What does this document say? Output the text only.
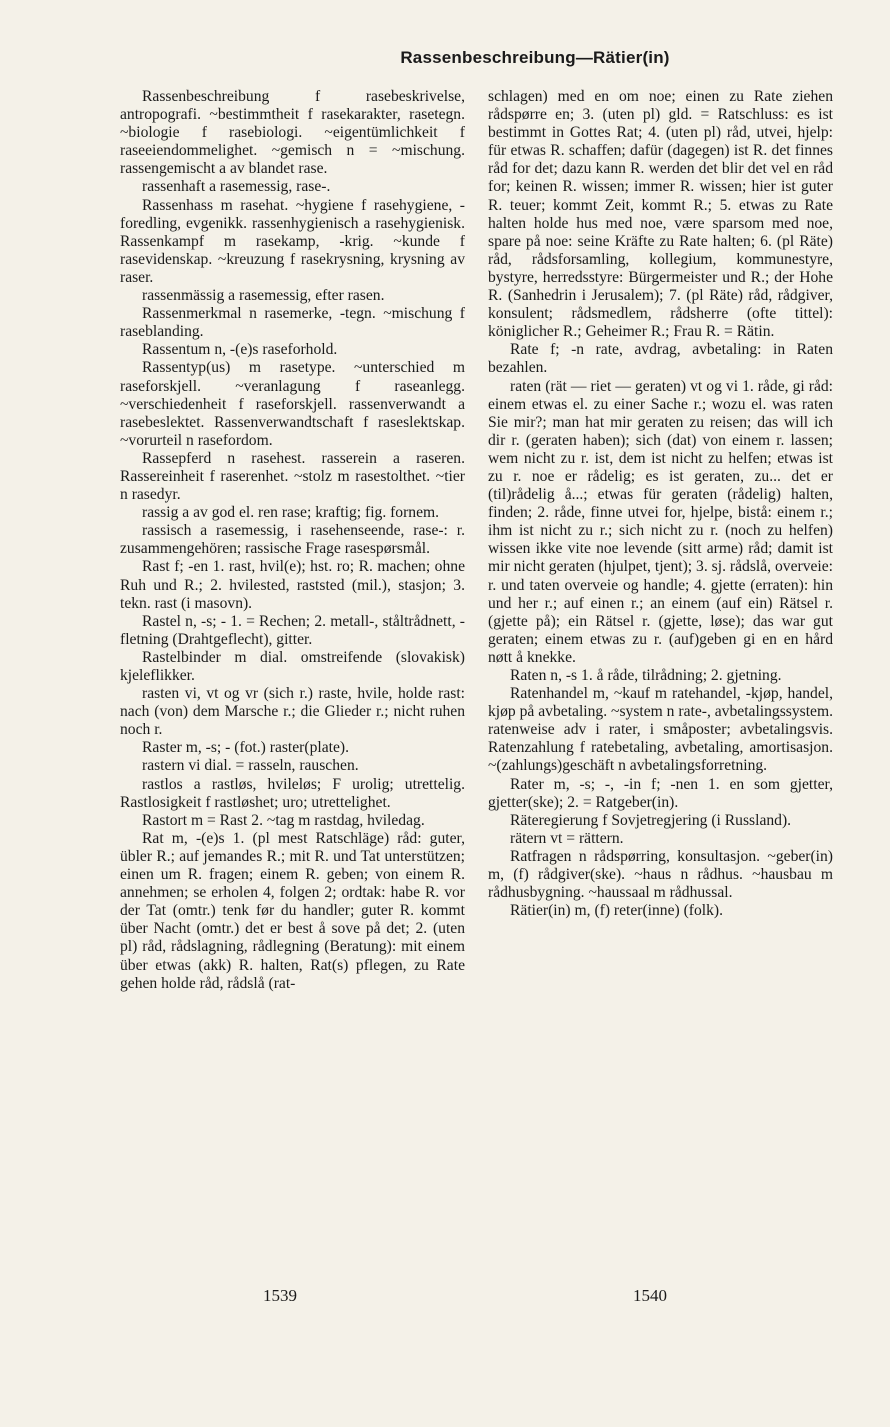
Rassenbeschreibung—Rätier(in)
Rassenbeschreibung f rasebeskrivelse, antropografi. ~bestimmtheit f rasekarakter, rasetegn. ~biologie f rasebiologi. ~eigentümlichkeit f raseeiendommelighet. ~gemisch n = ~mischung. rassengemischt a av blandet rase.
rassenhaft a rasemessig, rase-.
Rassenhass m rasehat. ~hygiene f rasehygiene, -foredling, evgenikk. rassenhygienisch a rasehygienisk. Rassenkampf m rasekamp, -krig. ~kunde f rasevidenskap. ~kreuzung f rasekrysning, krysning av raser.
rassenmässig a rasemessig, efter rasen.
Rassenmerkmal n rasemerke, -tegn. ~mischung f raseblanding.
Rassentum n, -(e)s raseforhold.
Rassentyp(us) m rasetype. ~unterschied m raseforskjell. ~veranlagung f raseanlegg. ~verschiedenheit f raseforskjell. rassenverwandt a rasebeslektet. Rassenverwandtschaft f raseslektskap. ~vorurteil n rasefordom.
Rassepferd n rasehest. rasserein a raseren. Rassereinheit f raserenhet. ~stolz m rasestolthet. ~tier n rasedyr.
rassig a av god el. ren rase; kraftig; fig. fornem.
rassisch a rasemessig, i rasehenseende, rase-: r. zusammengehören; rassische Frage rasespørsmål.
Rast f; -en 1. rast, hvil(e); hst. ro; R. machen; ohne Ruh und R.; 2. hvilested, raststed (mil.), stasjon; 3. tekn. rast (i masovn).
Rastel n, -s; - 1. = Rechen; 2. metall-, ståltrådnett, -fletning (Drahtgeflecht), gitter.
Rastelbinder m dial. omstreifende (slovakisk) kjeleflikker.
rasten vi, vt og vr (sich r.) raste, hvile, holde rast: nach (von) dem Marsche r.; die Glieder r.; nicht ruhen noch r.
Raster m, -s; - (fot.) raster(plate).
rastern vi dial. = rasseln, rauschen.
rastlos a rastløs, hvileløs; F urolig; utrettelig. Rastlosigkeit f rastløshet; uro; utrettelighet.
Rastort m = Rast 2. ~tag m rastdag, hviledag.
Rat m, -(e)s 1. (pl mest Ratschläge) råd: guter, übler R.; auf jemandes R.; mit R. und Tat unterstützen; einen um R. fragen; einem R. geben; von einem R. annehmen; se erholen 4, folgen 2; ordtak: habe R. vor der Tat (omtr.) tenk før du handler; guter R. kommt über Nacht (omtr.) det er best å sove på det; 2. (uten pl) råd, rådslagning, rådlegning (Beratung): mit einem über etwas (akk) R. halten, Rat(s) pflegen, zu Rate gehen holde råd, rådslå (rat-
schlagen) med en om noe; einen zu Rate ziehen rådspørre en; 3. (uten pl) gld. = Ratschluss: es ist bestimmt in Gottes Rat; 4. (uten pl) råd, utvei, hjelp: für etwas R. schaffen; dafür (dagegen) ist R. det finnes råd for det; dazu kann R. werden det blir det vel en råd for; keinen R. wissen; immer R. wissen; hier ist guter R. teuer; kommt Zeit, kommt R.; 5. etwas zu Rate halten holde hus med noe, være sparsom med noe, spare på noe: seine Kräfte zu Rate halten; 6. (pl Räte) råd, rådsforsamling, kollegium, kommunestyre, bystyre, herredsstyre: Bürgermeister und R.; der Hohe R. (Sanhedrin i Jerusalem); 7. (pl Räte) råd, rådgiver, konsulent; rådsmedlem, rådsherre (ofte tittel): königlicher R.; Geheimer R.; Frau R. = Rätin.
Rate f; -n rate, avdrag, avbetaling: in Raten bezahlen.
raten (rät — riet — geraten) vt og vi 1. råde, gi råd: einem etwas el. zu einer Sache r.; wozu el. was raten Sie mir?; man hat mir geraten zu reisen; das will ich dir r. (geraten haben); sich (dat) von einem r. lassen; wem nicht zu r. ist, dem ist nicht zu helfen; etwas ist zu r. noe er rådelig; es ist geraten, zu... det er (til)rådelig å...; etwas für geraten (rådelig) halten, finden; 2. råde, finne utvei for, hjelpe, bistå: einem r.; ihm ist nicht zu r.; sich nicht zu r. (noch zu helfen) wissen ikke vite noe levende (sitt arme) råd; damit ist mir nicht geraten (hjulpet, tjent); 3. sj. rådslå, overveie: r. und taten overveie og handle; 4. gjette (erraten): hin und her r.; auf einen r.; an einem (auf ein) Rätsel r. (gjette på); ein Rätsel r. (gjette, løse); das war gut geraten; einem etwas zu r. (auf)geben gi en en hård nøtt å knekke.
Raten n, -s 1. å råde, tilrådning; 2. gjetning.
Ratenhandel m, ~kauf m ratehandel, -kjøp, handel, kjøp på avbetaling. ~system n rate-, avbetalingssystem. ratenweise adv i rater, i småposter; avbetalingsvis. Ratenzahlung f ratebetaling, avbetaling, amortisasjon. ~(zahlungs)geschäft n avbetalingsforretning.
Rater m, -s; -, -in f; -nen 1. en som gjetter, gjetter(ske); 2. = Ratgeber(in).
Räteregierung f Sovjetregjering (i Russland).
rätern vt = rättern.
Ratfragen n rådspørring, konsultasjon. ~geber(in) m, (f) rådgiver(ske). ~haus n rådhus. ~hausbau m rådhusbygning. ~haussaal m rådhussal.
Rätier(in) m, (f) reter(inne) (folk).
1539	1540
